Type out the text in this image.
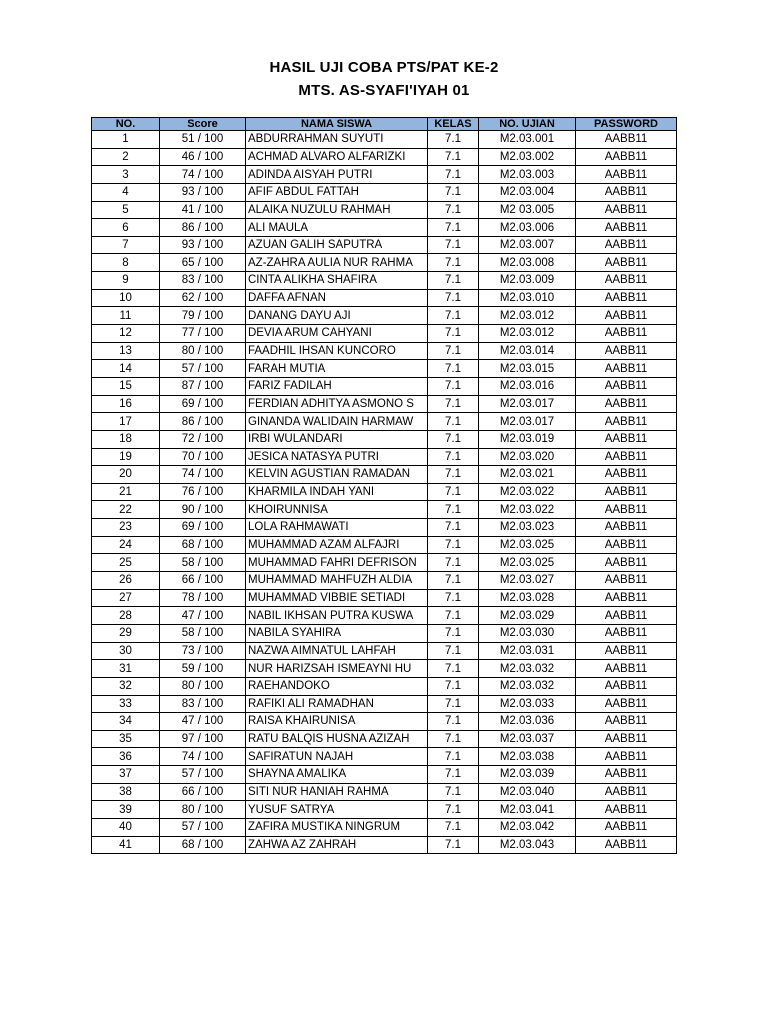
HASIL UJI COBA PTS/PAT KE-2
MTS. AS-SYAFI'IYAH 01
NO.	Score	NAMA SISWA	KELAS	NO. UJIAN	PASSWORD
1	51 / 100	ABDURRAHMAN SUYUTI	7.1	M2.03.001	AABB11
2	46 / 100	ACHMAD ALVARO ALFARIZKI	7.1	M2.03.002	AABB11
3	74 / 100	ADINDA AISYAH PUTRI	7.1	M2.03.003	AABB11
4	93 / 100	AFIF ABDUL FATTAH	7.1	M2.03.004	AABB11
5	41 / 100	ALAIKA NUZULU RAHMAH	7.1	M2 03.005	AABB11
6	86 / 100	ALI MAULA	7.1	M2.03.006	AABB11
7	93 / 100	AZUAN GALIH SAPUTRA	7.1	M2.03.007	AABB11
8	65 / 100	AZ-ZAHRA AULIA NUR RAHMA	7.1	M2.03.008	AABB11
9	83 / 100	CINTA ALIKHA SHAFIRA	7.1	M2.03.009	AABB11
10	62 / 100	DAFFA AFNAN	7.1	M2.03.010	AABB11
11	79 / 100	DANANG DAYU AJI	7.1	M2.03.012	AABB11
12	77 / 100	DEVIA ARUM CAHYANI	7.1	M2.03.012	AABB11
13	80 / 100	FAADHIL IHSAN KUNCORO	7.1	M2.03.014	AABB11
14	57 / 100	FARAH MUTIA	7.1	M2.03.015	AABB11
15	87 / 100	FARIZ FADILAH	7.1	M2.03.016	AABB11
16	69 / 100	FERDIAN ADHITYA ASMONO S	7.1	M2.03.017	AABB11
17	86 / 100	GINANDA WALIDAIN HARMAW	7.1	M2.03.017	AABB11
18	72 / 100	IRBI WULANDARI	7.1	M2.03.019	AABB11
19	70 / 100	JESICA NATASYA PUTRI	7.1	M2.03.020	AABB11
20	74 / 100	KELVIN AGUSTIAN RAMADAN	7.1	M2.03.021	AABB11
21	76 / 100	KHARMILA INDAH YANI	7.1	M2.03.022	AABB11
22	90 / 100	KHOIRUNNISA	7.1	M2.03.022	AABB11
23	69 / 100	LOLA RAHMAWATI	7.1	M2.03.023	AABB11
24	68 / 100	MUHAMMAD AZAM ALFAJRI	7.1	M2.03.025	AABB11
25	58 / 100	MUHAMMAD FAHRI DEFRISON	7.1	M2.03.025	AABB11
26	66 / 100	MUHAMMAD MAHFUZH ALDIA	7.1	M2.03.027	AABB11
27	78 / 100	MUHAMMAD VIBBIE SETIADI	7.1	M2.03.028	AABB11
28	47 / 100	NABIL IKHSAN PUTRA KUSWA	7.1	M2.03.029	AABB11
29	58 / 100	NABILA SYAHIRA	7.1	M2.03.030	AABB11
30	73 / 100	NAZWA AIMNATUL LAHFAH	7.1	M2.03.031	AABB11
31	59 / 100	NUR HARIZSAH ISMEAYNI HU	7.1	M2.03.032	AABB11
32	80 / 100	RAEHANDOKO	7.1	M2.03.032	AABB11
33	83 / 100	RAFIKI ALI RAMADHAN	7.1	M2.03.033	AABB11
34	47 / 100	RAISA KHAIRUNISA	7.1	M2.03.036	AABB11
35	97 / 100	RATU BALQIS HUSNA AZIZAH	7.1	M2.03.037	AABB11
36	74 / 100	SAFIRATUN NAJAH	7.1	M2.03.038	AABB11
37	57 / 100	SHAYNA AMALIKA	7.1	M2.03.039	AABB11
38	66 / 100	SITI NUR HANIAH RAHMA	7.1	M2.03.040	AABB11
39	80 / 100	YUSUF SATRYA	7.1	M2.03.041	AABB11
40	57 / 100	ZAFIRA MUSTIKA NINGRUM	7.1	M2.03.042	AABB11
41	68 / 100	ZAHWA AZ ZAHRAH	7.1	M2.03.043	AABB11
